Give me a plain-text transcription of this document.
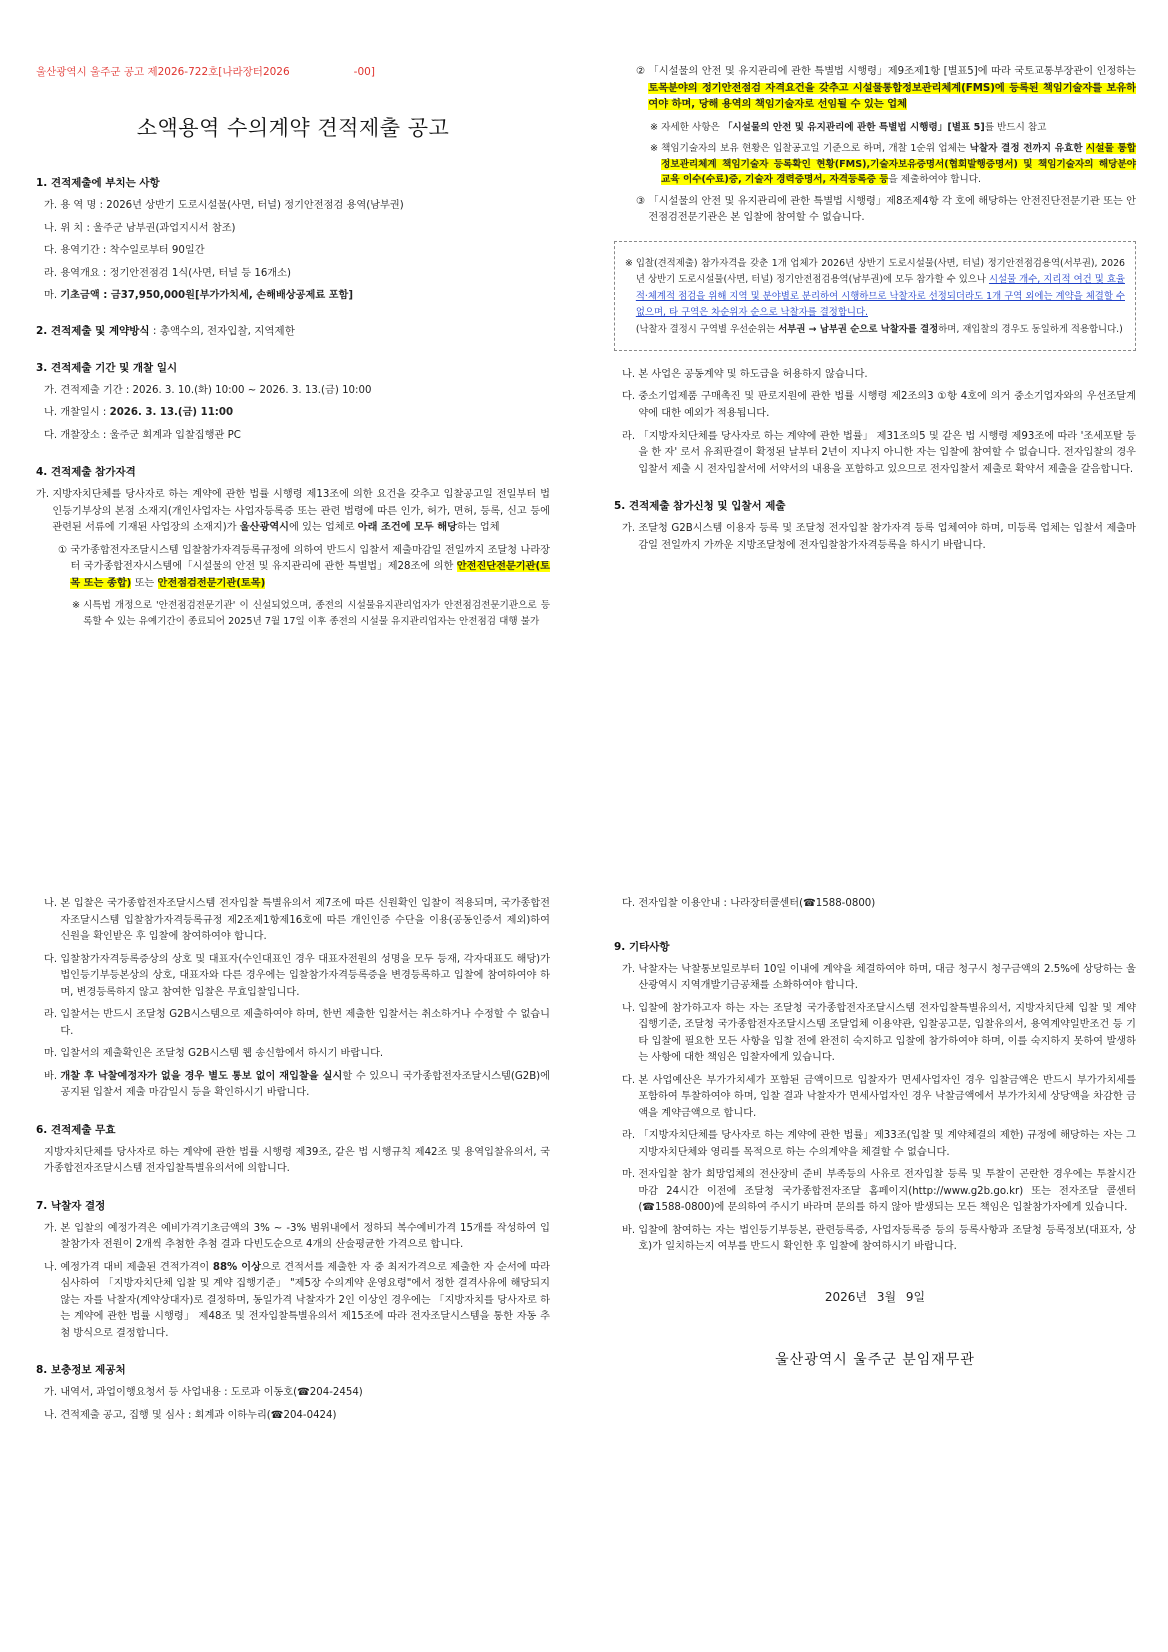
울산광역시 울주군 공고 제2026-722호[나라장터2026	-00]
소액용역 수의계약 견적제출 공고
1. 견적제출에 부치는 사항
가. 용 역 명 : 2026년 상반기 도로시설물(사면, 터널) 정기안전점검 용역(남부권)
나. 위 치 : 울주군 남부권(과업지시서 참조)
다. 용역기간 : 착수일로부터 90일간
라. 용역개요 : 정기안전점검 1식(사면, 터널 등 16개소)
마. 기초금액 : 금37,950,000원[부가가치세, 손해배상공제료 포함]
2. 견적제출 및 계약방식 : 총액수의, 전자입찰, 지역제한
3. 견적제출 기간 및 개찰 일시
가. 견적제출 기간 : 2026. 3. 10.(화) 10:00 ~ 2026. 3. 13.(금) 10:00
나. 개찰일시 : 2026. 3. 13.(금) 11:00
다. 개찰장소 : 울주군 회계과 입찰집행관 PC
4. 견적제출 참가자격
가. 지방자치단체를 당사자로 하는 계약에 관한 법률 시행령 제13조에 의한 요건을 갖추고 입찰공고일 전일부터 법인등기부상의 본점 소재지(개인사업자는 사업자등록증 또는 관련 법령에 따른 인가, 허가, 면허, 등록, 신고 등에 관련된 서류에 기재된 사업장의 소재지)가 울산광역시에 있는 업체로 아래 조건에 모두 해당하는 업체
① 국가종합전자조달시스템 입찰참가자격등록규정에 의하여 반드시 입찰서 제출마감일 전일까지 조달청 나라장터 국가종합전자시스템에「시설물의 안전 및 유지관리에 관한 특별법」제28조에 의한 안전진단전문기관(토목 또는 종합) 또는 안전점검전문기관(토목)
※ 시특법 개정으로 '안전점검전문기관' 이 신설되었으며, 종전의 시설물유지관리업자가 안전점검전문기관으로 등록할 수 있는 유예기간이 종료되어 2025년 7월 17일 이후 종전의 시설물 유지관리업자는 안전점검 대행 불가
② 「시설물의 안전 및 유지관리에 관한 특별법 시행령」제9조제1항 [별표5]에 따라 국토교통부장관이 인정하는 토목분야의 정기안전점검 자격요건을 갖추고 시설물통합정보관리체계(FMS)에 등록된 책임기술자를 보유하여야 하며, 당해 용역의 책임기술자로 선임될 수 있는 업체
※ 자세한 사항은 「시설물의 안전 및 유지관리에 관한 특별법 시행령」[별표 5]를 반드시 참고
※ 책임기술자의 보유 현황은 입찰공고일 기준으로 하며, 개찰 1순위 업체는 낙찰자 결정 전까지 유효한 시설물 통합정보관리체계 책임기술자 등록확인 현황(FMS),기술자보유증명서(협회발행증명서) 및 책임기술자의 해당분야 교육 이수(수료)증, 기술자 경력증명서, 자격등록증 등을 제출하여야 합니다.
③ 「시설물의 안전 및 유지관리에 관한 특별법 시행령」제8조제4항 각 호에 해당하는 안전진단전문기관 또는 안전점검전문기관은 본 입찰에 참여할 수 없습니다.
※ 입찰(견적제출) 참가자격을 갖춘 1개 업체가 2026년 상반기 도로시설물(사면, 터널) 정기안전점검용역(서부권), 2026년 상반기 도로시설물(사면, 터널) 정기안전점검용역(남부권)에 모두 참가할 수 있으나 시설물 개수, 지리적 여건 및 효율적·체계적 점검을 위해 지역 및 분야별로 분리하여 시행하므로 낙찰자로 선정되더라도 1개 구역 외에는 계약을 체결할 수 없으며, 타 구역은 차순위자 순으로 낙찰자를 결정합니다.
(낙찰자 결정시 구역별 우선순위는 서부권 → 남부권 순으로 낙찰자를 결정하며, 재입찰의 경우도 동일하게 적용합니다.)
나. 본 사업은 공동계약 및 하도급을 허용하지 않습니다.
다. 중소기업제품 구매촉진 및 판로지원에 관한 법률 시행령 제2조의3 ①항 4호에 의거 중소기업자와의 우선조달계약에 대한 예외가 적용됩니다.
라. 「지방자치단체를 당사자로 하는 계약에 관한 법률」 제31조의5 및 같은 법 시행령 제93조에 따라 '조세포탈 등을 한 자' 로서 유죄판결이 확정된 날부터 2년이 지나지 아니한 자는 입찰에 참여할 수 없습니다. 전자입찰의 경우 입찰서 제출 시 전자입찰서에 서약서의 내용을 포함하고 있으므로 전자입찰서 제출로 확약서 제출을 갈음합니다.
5. 견적제출 참가신청 및 입찰서 제출
가. 조달청 G2B시스템 이용자 등록 및 조달청 전자입찰 참가자격 등록 업체여야 하며, 미등록 업체는 입찰서 제출마감일 전일까지 가까운 지방조달청에 전자입찰참가자격등록을 하시기 바랍니다.
나. 본 입찰은 국가종합전자조달시스템 전자입찰 특별유의서 제7조에 따른 신원확인 입찰이 적용되며, 국가종합전자조달시스템 입찰참가자격등록규정 제2조제1항제16호에 따른 개인인증 수단을 이용(공동인증서 제외)하여 신원을 확인받은 후 입찰에 참여하여야 합니다.
다. 입찰참가자격등록증상의 상호 및 대표자(수인대표인 경우 대표자전원의 성명을 모두 등재, 각자대표도 해당)가 법인등기부등본상의 상호, 대표자와 다른 경우에는 입찰참가자격등록증을 변경등록하고 입찰에 참여하여야 하며, 변경등록하지 않고 참여한 입찰은 무효입찰입니다.
라. 입찰서는 반드시 조달청 G2B시스템으로 제출하여야 하며, 한번 제출한 입찰서는 취소하거나 수정할 수 없습니다.
마. 입찰서의 제출확인은 조달청 G2B시스템 웹 송신함에서 하시기 바랍니다.
바. 개찰 후 낙찰예정자가 없을 경우 별도 통보 없이 재입찰을 실시할 수 있으니 국가종합전자조달시스템(G2B)에 공지된 입찰서 제출 마감일시 등을 확인하시기 바랍니다.
6. 견적제출 무효
지방자치단체를 당사자로 하는 계약에 관한 법률 시행령 제39조, 같은 법 시행규칙 제42조 및 용역입찰유의서, 국가종합전자조달시스템 전자입찰특별유의서에 의합니다.
7. 낙찰자 결정
가. 본 입찰의 예정가격은 예비가격기초금액의 3% ~ -3% 범위내에서 정하되 복수예비가격 15개를 작성하여 입찰참가자 전원이 2개씩 추첨한 추첨 결과 다빈도순으로 4개의 산술평균한 가격으로 합니다.
나. 예정가격 대비 제출된 견적가격이 88% 이상으로 견적서를 제출한 자 중 최저가격으로 제출한 자 순서에 따라 심사하여 「지방자치단체 입찰 및 계약 집행기준」 "제5장 수의계약 운영요령"에서 정한 결격사유에 해당되지 않는 자를 낙찰자(계약상대자)로 결정하며, 동일가격 낙찰자가 2인 이상인 경우에는 「지방자치를 당사자로 하는 계약에 관한 법률 시행령」 제48조 및 전자입찰특별유의서 제15조에 따라 전자조달시스템을 통한 자동 추첨 방식으로 결정합니다.
8. 보충정보 제공처
가. 내역서, 과업이행요청서 등 사업내용 : 도로과 이동호(☎204-2454)
나. 견적제출 공고, 집행 및 심사 : 회계과 이하누리(☎204-0424)
다. 전자입찰 이용안내 : 나라장터콜센터(☎1588-0800)
9. 기타사항
가. 낙찰자는 낙찰통보일로부터 10일 이내에 계약을 체결하여야 하며, 대금 청구시 청구금액의 2.5%에 상당하는 울산광역시 지역개발기금공채를 소화하여야 합니다.
나. 입찰에 참가하고자 하는 자는 조달청 국가종합전자조달시스템 전자입찰특별유의서, 지방자치단체 입찰 및 계약 집행기준, 조달청 국가종합전자조달시스템 조달업체 이용약관, 입찰공고문, 입찰유의서, 용역계약일반조건 등 기타 입찰에 필요한 모든 사항을 입찰 전에 완전히 숙지하고 입찰에 참가하여야 하며, 이를 숙지하지 못하여 발생하는 사항에 대한 책임은 입찰자에게 있습니다.
다. 본 사업예산은 부가가치세가 포함된 금액이므로 입찰자가 면세사업자인 경우 입찰금액은 반드시 부가가치세를 포함하여 투찰하여야 하며, 입찰 결과 낙찰자가 면세사업자인 경우 낙찰금액에서 부가가치세 상당액을 차감한 금액을 계약금액으로 합니다.
라. 「지방자치단체를 당사자로 하는 계약에 관한 법률」제33조(입찰 및 계약체결의 제한) 규정에 해당하는 자는 그 지방자치단체와 영리를 목적으로 하는 수의계약을 체결할 수 없습니다.
마. 전자입찰 참가 희망업체의 전산장비 준비 부족등의 사유로 전자입찰 등록 및 투찰이 곤란한 경우에는 투찰시간 마감 24시간 이전에 조달청 국가종합전자조달 홈페이지(http://www.g2b.go.kr) 또는 전자조달 콜센터(☎1588-0800)에 문의하여 주시기 바라며 문의를 하지 않아 발생되는 모든 책임은 입찰참가자에게 있습니다.
바. 입찰에 참여하는 자는 법인등기부등본, 관련등록증, 사업자등록증 등의 등록사항과 조달청 등록정보(대표자, 상호)가 일치하는지 여부를 반드시 확인한 후 입찰에 참여하시기 바랍니다.
2026년 3월 9일
울산광역시 울주군 분임재무관
